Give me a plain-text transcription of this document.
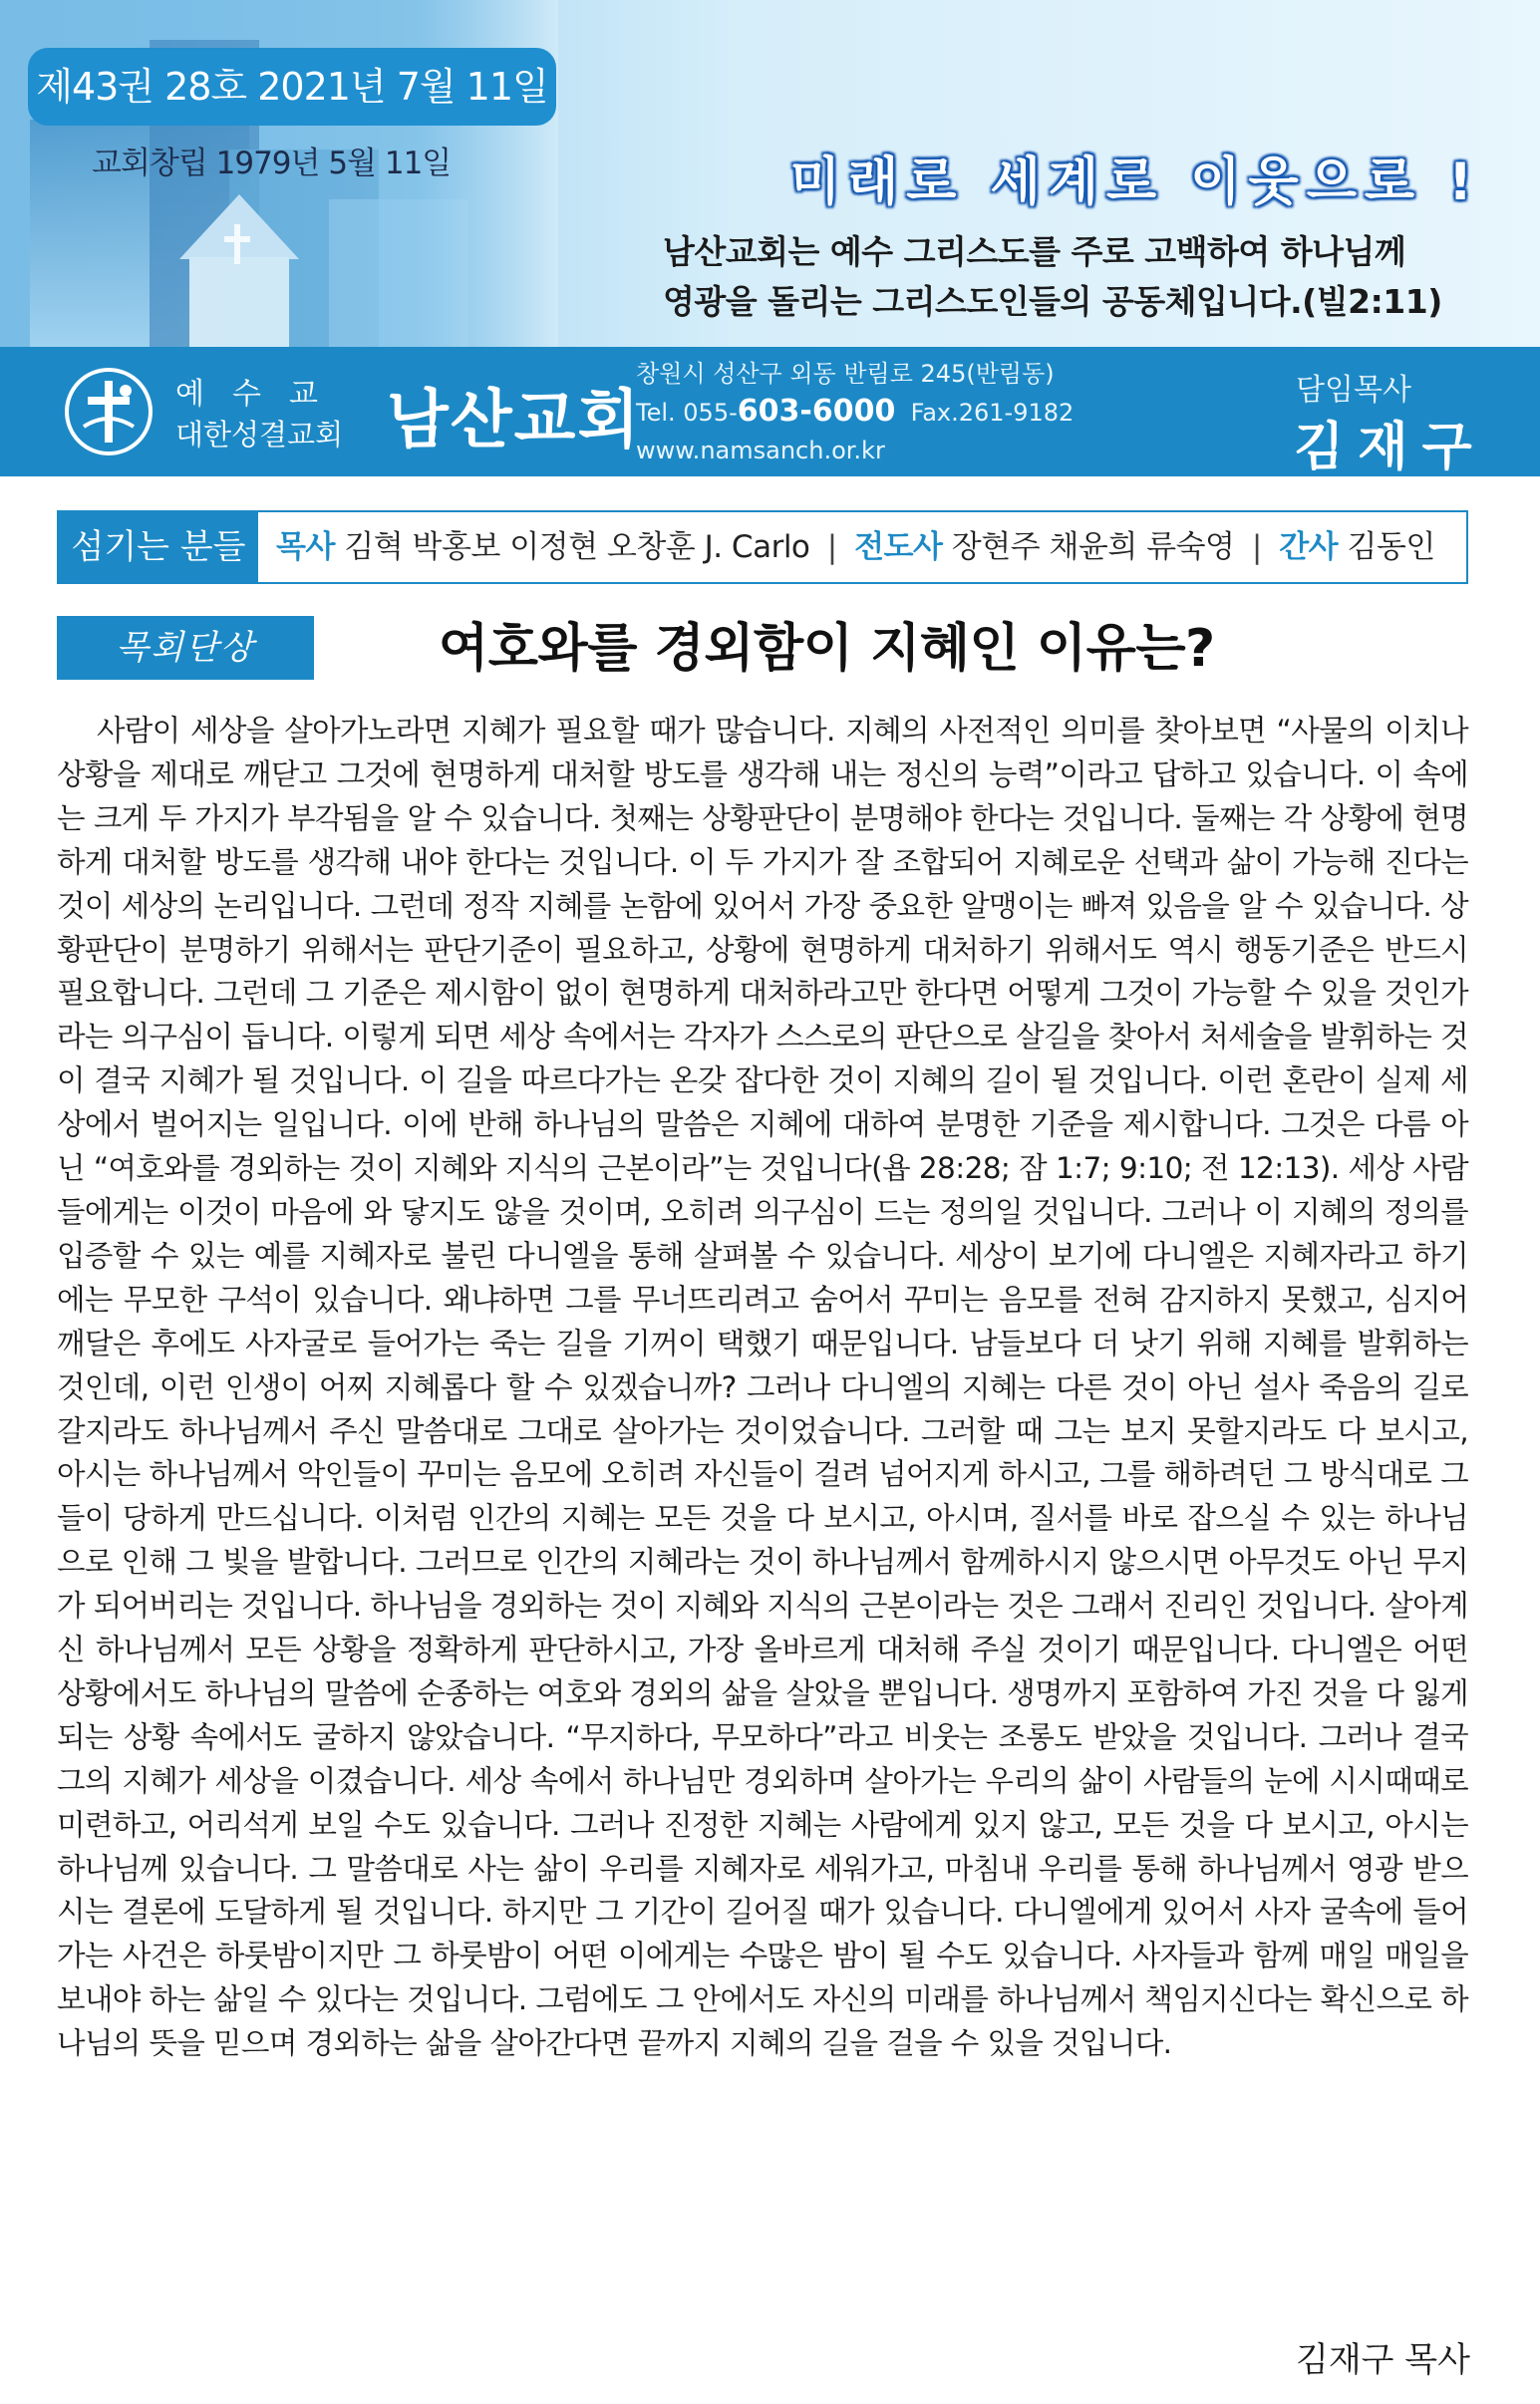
제43권 28호 2021년 7월 11일
교회창립 1979년 5월 11일	미래로 세계로 이웃으로 !
남산교회는 예수 그리스도를 주로 고백하여 하나님께
영광을 돌리는 그리스도인들의 공동체입니다.(빌2:11)
예수교
대한성결교회 남산교회
창원시 성산구 외동 반림로 245(반림동)
Tel. 055-603-6000 Fax.261-9182
www.namsanch.or.kr
담임목사
김재구
섬기는 분들 목사 김혁 박홍보 이정현 오창훈 J. Carlo | 전도사 장현주 채윤희 류숙영 | 간사 김동인
목회단상	여호와를 경외함이 지혜인 이유는?
사람이 세상을 살아가노라면 지혜가 필요할 때가 많습니다. 지혜의 사전적인 의미를 찾아보면 “사물의 이치나 상황을 제대로 깨닫고 그것에 현명하게 대처할 방도를 생각해 내는 정신의 능력”이라고 답하고 있습니다. 이 속에는 크게 두 가지가 부각됨을 알 수 있습니다. 첫째는 상황판단이 분명해야 한다는 것입니다. 둘째는 각 상황에 현명하게 대처할 방도를 생각해 내야 한다는 것입니다. 이 두 가지가 잘 조합되어 지혜로운 선택과 삶이 가능해 진다는 것이 세상의 논리입니다. 그런데 정작 지혜를 논함에 있어서 가장 중요한 알맹이는 빠져 있음을 알 수 있습니다. 상황판단이 분명하기 위해서는 판단기준이 필요하고, 상황에 현명하게 대처하기 위해서도 역시 행동기준은 반드시 필요합니다. 그런데 그 기준은 제시함이 없이 현명하게 대처하라고만 한다면 어떻게 그것이 가능할 수 있을 것인가라는 의구심이 듭니다. 이렇게 되면 세상 속에서는 각자가 스스로의 판단으로 살길을 찾아서 처세술을 발휘하는 것이 결국 지혜가 될 것입니다. 이 길을 따르다가는 온갖 잡다한 것이 지혜의 길이 될 것입니다. 이런 혼란이 실제 세상에서 벌어지는 일입니다. 이에 반해 하나님의 말씀은 지혜에 대하여 분명한 기준을 제시합니다. 그것은 다름 아닌 “여호와를 경외하는 것이 지혜와 지식의 근본이라”는 것입니다(욥 28:28; 잠 1:7; 9:10; 전 12:13). 세상 사람들에게는 이것이 마음에 와 닿지도 않을 것이며, 오히려 의구심이 드는 정의일 것입니다. 그러나 이 지혜의 정의를 입증할 수 있는 예를 지혜자로 불린 다니엘을 통해 살펴볼 수 있습니다. 세상이 보기에 다니엘은 지혜자라고 하기에는 무모한 구석이 있습니다. 왜냐하면 그를 무너뜨리려고 숨어서 꾸미는 음모를 전혀 감지하지 못했고, 심지어 깨달은 후에도 사자굴로 들어가는 죽는 길을 기꺼이 택했기 때문입니다. 남들보다 더 낫기 위해 지혜를 발휘하는 것인데, 이런 인생이 어찌 지혜롭다 할 수 있겠습니까? 그러나 다니엘의 지혜는 다른 것이 아닌 설사 죽음의 길로 갈지라도 하나님께서 주신 말씀대로 그대로 살아가는 것이었습니다. 그러할 때 그는 보지 못할지라도 다 보시고, 아시는 하나님께서 악인들이 꾸미는 음모에 오히려 자신들이 걸려 넘어지게 하시고, 그를 해하려던 그 방식대로 그들이 당하게 만드십니다. 이처럼 인간의 지혜는 모든 것을 다 보시고, 아시며, 질서를 바로 잡으실 수 있는 하나님으로 인해 그 빛을 발합니다. 그러므로 인간의 지혜라는 것이 하나님께서 함께하시지 않으시면 아무것도 아닌 무지가 되어버리는 것입니다. 하나님을 경외하는 것이 지혜와 지식의 근본이라는 것은 그래서 진리인 것입니다. 살아계신 하나님께서 모든 상황을 정확하게 판단하시고, 가장 올바르게 대처해 주실 것이기 때문입니다. 다니엘은 어떤 상황에서도 하나님의 말씀에 순종하는 여호와 경외의 삶을 살았을 뿐입니다. 생명까지 포함하여 가진 것을 다 잃게 되는 상황 속에서도 굴하지 않았습니다. “무지하다, 무모하다”라고 비웃는 조롱도 받았을 것입니다. 그러나 결국 그의 지혜가 세상을 이겼습니다. 세상 속에서 하나님만 경외하며 살아가는 우리의 삶이 사람들의 눈에 시시때때로 미련하고, 어리석게 보일 수도 있습니다. 그러나 진정한 지혜는 사람에게 있지 않고, 모든 것을 다 보시고, 아시는 하나님께 있습니다. 그 말씀대로 사는 삶이 우리를 지혜자로 세워가고, 마침내 우리를 통해 하나님께서 영광 받으시는 결론에 도달하게 될 것입니다. 하지만 그 기간이 길어질 때가 있습니다. 다니엘에게 있어서 사자 굴속에 들어가는 사건은 하룻밤이지만 그 하룻밤이 어떤 이에게는 수많은 밤이 될 수도 있습니다. 사자들과 함께 매일 매일을 보내야 하는 삶일 수 있다는 것입니다. 그럼에도 그 안에서도 자신의 미래를 하나님께서 책임지신다는 확신으로 하나님의 뜻을 믿으며 경외하는 삶을 살아간다면 끝까지 지혜의 길을 걸을 수 있을 것입니다.
김재구 목사
